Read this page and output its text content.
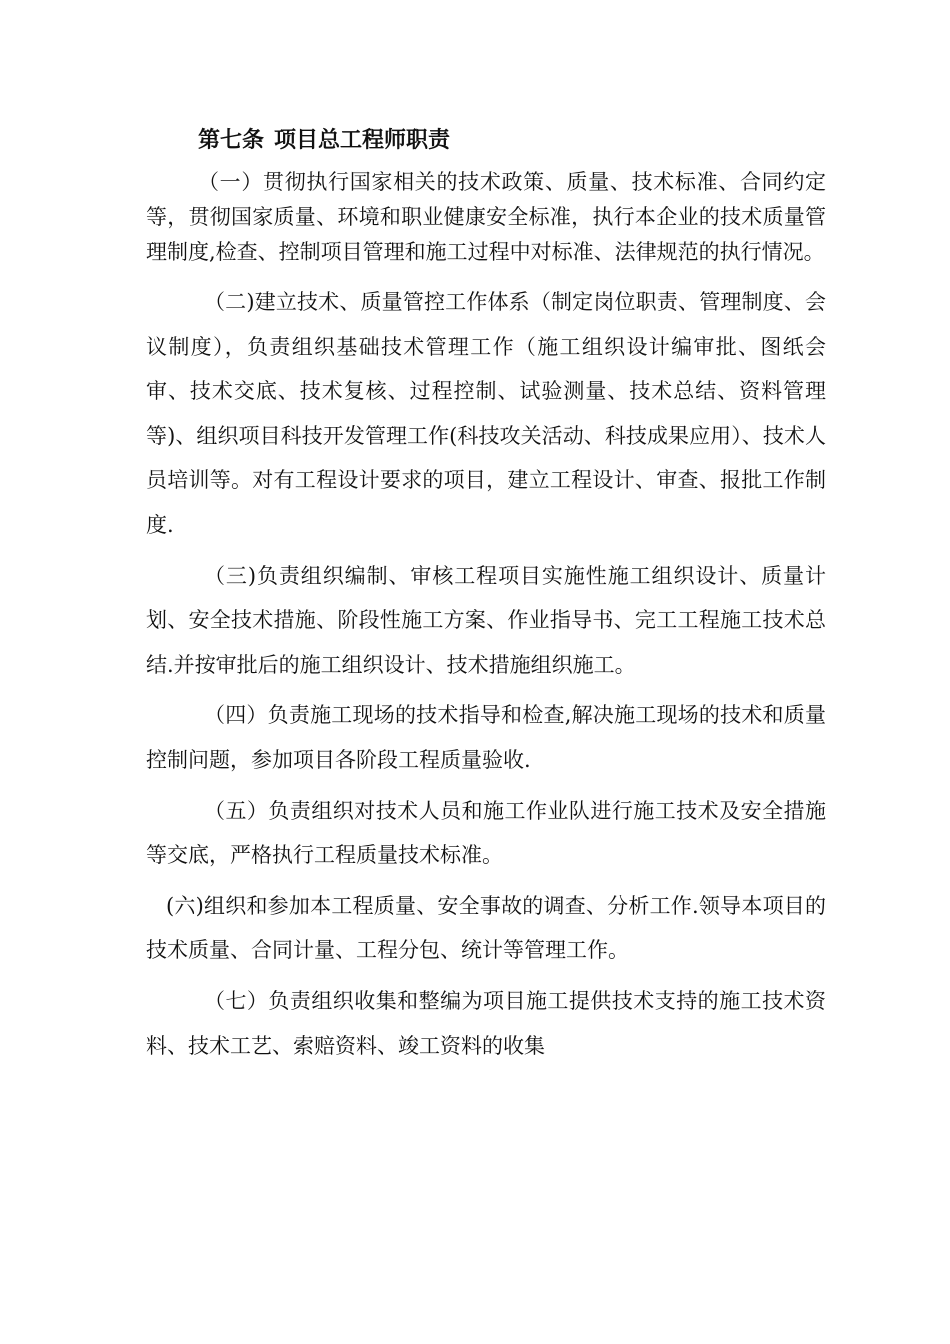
第七条 项目总工程师职责

（一）贯彻执行国家相关的技术政策、质量、技术标准、合同约定等，贯彻国家质量、环境和职业健康安全标准，执行本企业的技术质量管理制度,检查、控制项目管理和施工过程中对标准、法律规范的执行情况。

（二)建立技术、质量管控工作体系（制定岗位职责、管理制度、会议制度），负责组织基础技术管理工作（施工组织设计编审批、图纸会审、技术交底、技术复核、过程控制、试验测量、技术总结、资料管理等)、组织项目科技开发管理工作(科技攻关活动、科技成果应用）、技术人员培训等。对有工程设计要求的项目，建立工程设计、审查、报批工作制度.

（三)负责组织编制、审核工程项目实施性施工组织设计、质量计划、安全技术措施、阶段性施工方案、作业指导书、完工工程施工技术总结.并按审批后的施工组织设计、技术措施组织施工。

（四）负责施工现场的技术指导和检查,解决施工现场的技术和质量控制问题，参加项目各阶段工程质量验收.

（五）负责组织对技术人员和施工作业队进行施工技术及安全措施等交底，严格执行工程质量技术标准。

(六)组织和参加本工程质量、安全事故的调查、分析工作.领导本项目的技术质量、合同计量、工程分包、统计等管理工作。

（七）负责组织收集和整编为项目施工提供技术支持的施工技术资料、技术工艺、索赔资料、竣工资料的收集
